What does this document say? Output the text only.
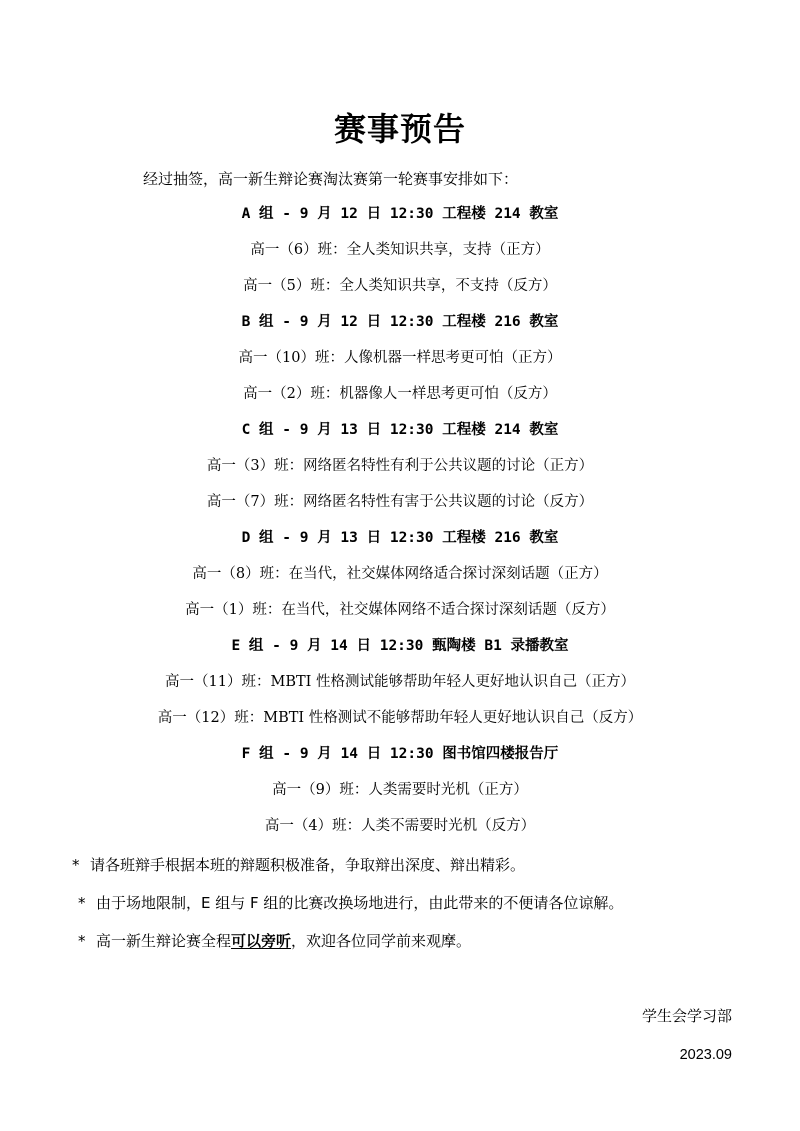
赛事预告
经过抽签，高一新生辩论赛淘汰赛第一轮赛事安排如下：
A 组 - 9 月 12 日 12:30 工程楼 214 教室
高一（6）班：全人类知识共享，支持（正方）
高一（5）班：全人类知识共享，不支持（反方）
B 组 - 9 月 12 日 12:30 工程楼 216 教室
高一（10）班：人像机器一样思考更可怕（正方）
高一（2）班：机器像人一样思考更可怕（反方）
C 组 - 9 月 13 日 12:30 工程楼 214 教室
高一（3）班：网络匿名特性有利于公共议题的讨论（正方）
高一（7）班：网络匿名特性有害于公共议题的讨论（反方）
D 组 - 9 月 13 日 12:30 工程楼 216 教室
高一（8）班：在当代，社交媒体网络适合探讨深刻话题（正方）
高一（1）班：在当代，社交媒体网络不适合探讨深刻话题（反方）
E 组 - 9 月 14 日 12:30 甄陶楼 B1 录播教室
高一（11）班：MBTI 性格测试能够帮助年轻人更好地认识自己（正方）
高一（12）班：MBTI 性格测试不能够帮助年轻人更好地认识自己（反方）
F 组 - 9 月 14 日 12:30 图书馆四楼报告厅
高一（9）班：人类需要时光机（正方）
高一（4）班：人类不需要时光机（反方）
* 请各班辩手根据本班的辩题积极准备，争取辩出深度、辩出精彩。
* 由于场地限制，E 组与 F 组的比赛改换场地进行，由此带来的不便请各位谅解。
* 高一新生辩论赛全程可以旁听，欢迎各位同学前来观摩。
学生会学习部
2023.09
